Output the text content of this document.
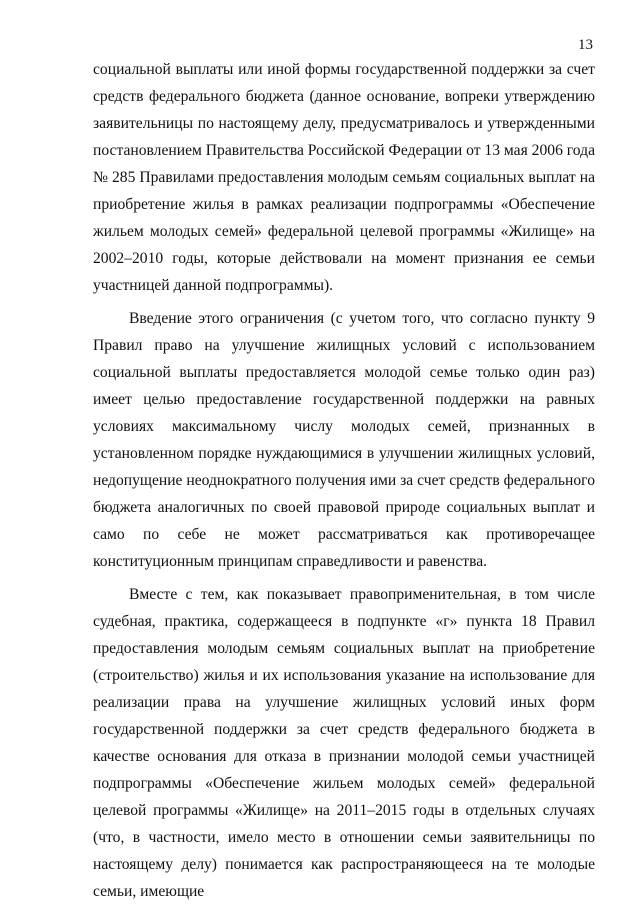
13

социальной выплаты или иной формы государственной поддержки за счет средств федерального бюджета (данное основание, вопреки утверждению заявительницы по настоящему делу, предусматривалось и утвержденными постановлением Правительства Российской Федерации от 13 мая 2006 года № 285 Правилами предоставления молодым семьям социальных выплат на приобретение жилья в рамках реализации подпрограммы «Обеспечение жильем молодых семей» федеральной целевой программы «Жилище» на 2002–2010 годы, которые действовали на момент признания ее семьи участницей данной подпрограммы).

Введение этого ограничения (с учетом того, что согласно пункту 9 Правил право на улучшение жилищных условий с использованием социальной выплаты предоставляется молодой семье только один раз) имеет целью предоставление государственной поддержки на равных условиях максимальному числу молодых семей, признанных в установленном порядке нуждающимися в улучшении жилищных условий, недопущение неоднократного получения ими за счет средств федерального бюджета аналогичных по своей правовой природе социальных выплат и само по себе не может рассматриваться как противоречащее конституционным принципам справедливости и равенства.

Вместе с тем, как показывает правоприменительная, в том числе судебная, практика, содержащееся в подпункте «г» пункта 18 Правил предоставления молодым семьям социальных выплат на приобретение (строительство) жилья и их использования указание на использование для реализации права на улучшение жилищных условий иных форм государственной поддержки за счет средств федерального бюджета в качестве основания для отказа в признании молодой семьи участницей подпрограммы «Обеспечение жильем молодых семей» федеральной целевой программы «Жилище» на 2011–2015 годы в отдельных случаях (что, в частности, имело место в отношении семьи заявительницы по настоящему делу) понимается как распространяющееся на те молодые семьи, имеющие
